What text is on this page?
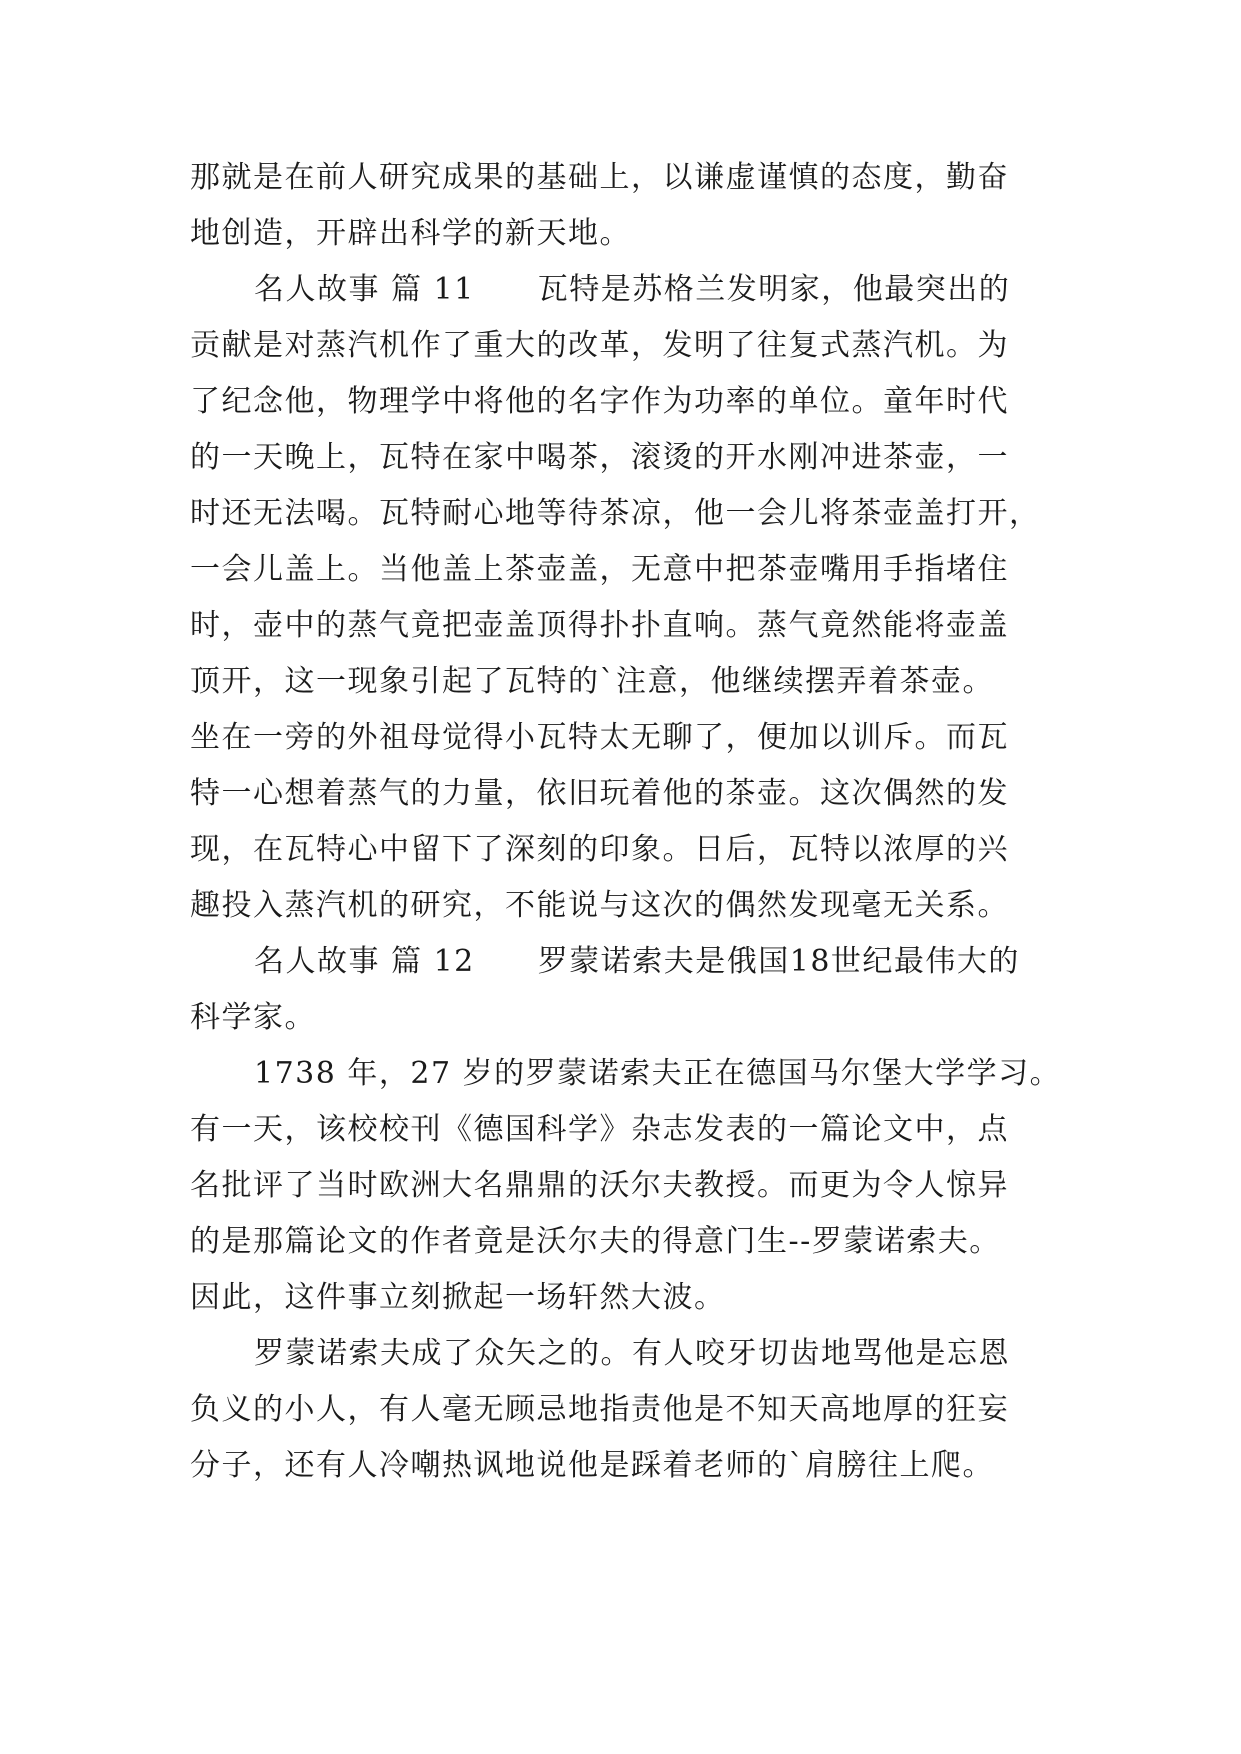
那就是在前人研究成果的基础上，以谦虚谨慎的态度，勤奋
地创造，开辟出科学的新天地。
名人故事 篇 11　　瓦特是苏格兰发明家，他最突出的
贡献是对蒸汽机作了重大的改革，发明了往复式蒸汽机。为
了纪念他，物理学中将他的名字作为功率的单位。童年时代
的一天晚上，瓦特在家中喝茶，滚烫的开水刚冲进茶壶，一
时还无法喝。瓦特耐心地等待茶凉，他一会儿将茶壶盖打开，
一会儿盖上。当他盖上茶壶盖，无意中把茶壶嘴用手指堵住
时，壶中的蒸气竟把壶盖顶得扑扑直响。蒸气竟然能将壶盖
顶开，这一现象引起了瓦特的`注意，他继续摆弄着茶壶。
坐在一旁的外祖母觉得小瓦特太无聊了，便加以训斥。而瓦
特一心想着蒸气的力量，依旧玩着他的茶壶。这次偶然的发
现，在瓦特心中留下了深刻的印象。日后，瓦特以浓厚的兴
趣投入蒸汽机的研究，不能说与这次的偶然发现毫无关系。
名人故事 篇 12　　罗蒙诺索夫是俄国18世纪最伟大的
科学家。
1738 年，27 岁的罗蒙诺索夫正在德国马尔堡大学学习。
有一天，该校校刊《德国科学》杂志发表的一篇论文中，点
名批评了当时欧洲大名鼎鼎的沃尔夫教授。而更为令人惊异
的是那篇论文的作者竟是沃尔夫的得意门生--罗蒙诺索夫。
因此，这件事立刻掀起一场轩然大波。
罗蒙诺索夫成了众矢之的。有人咬牙切齿地骂他是忘恩
负义的小人，有人毫无顾忌地指责他是不知天高地厚的狂妄
分子，还有人冷嘲热讽地说他是踩着老师的`肩膀往上爬。
